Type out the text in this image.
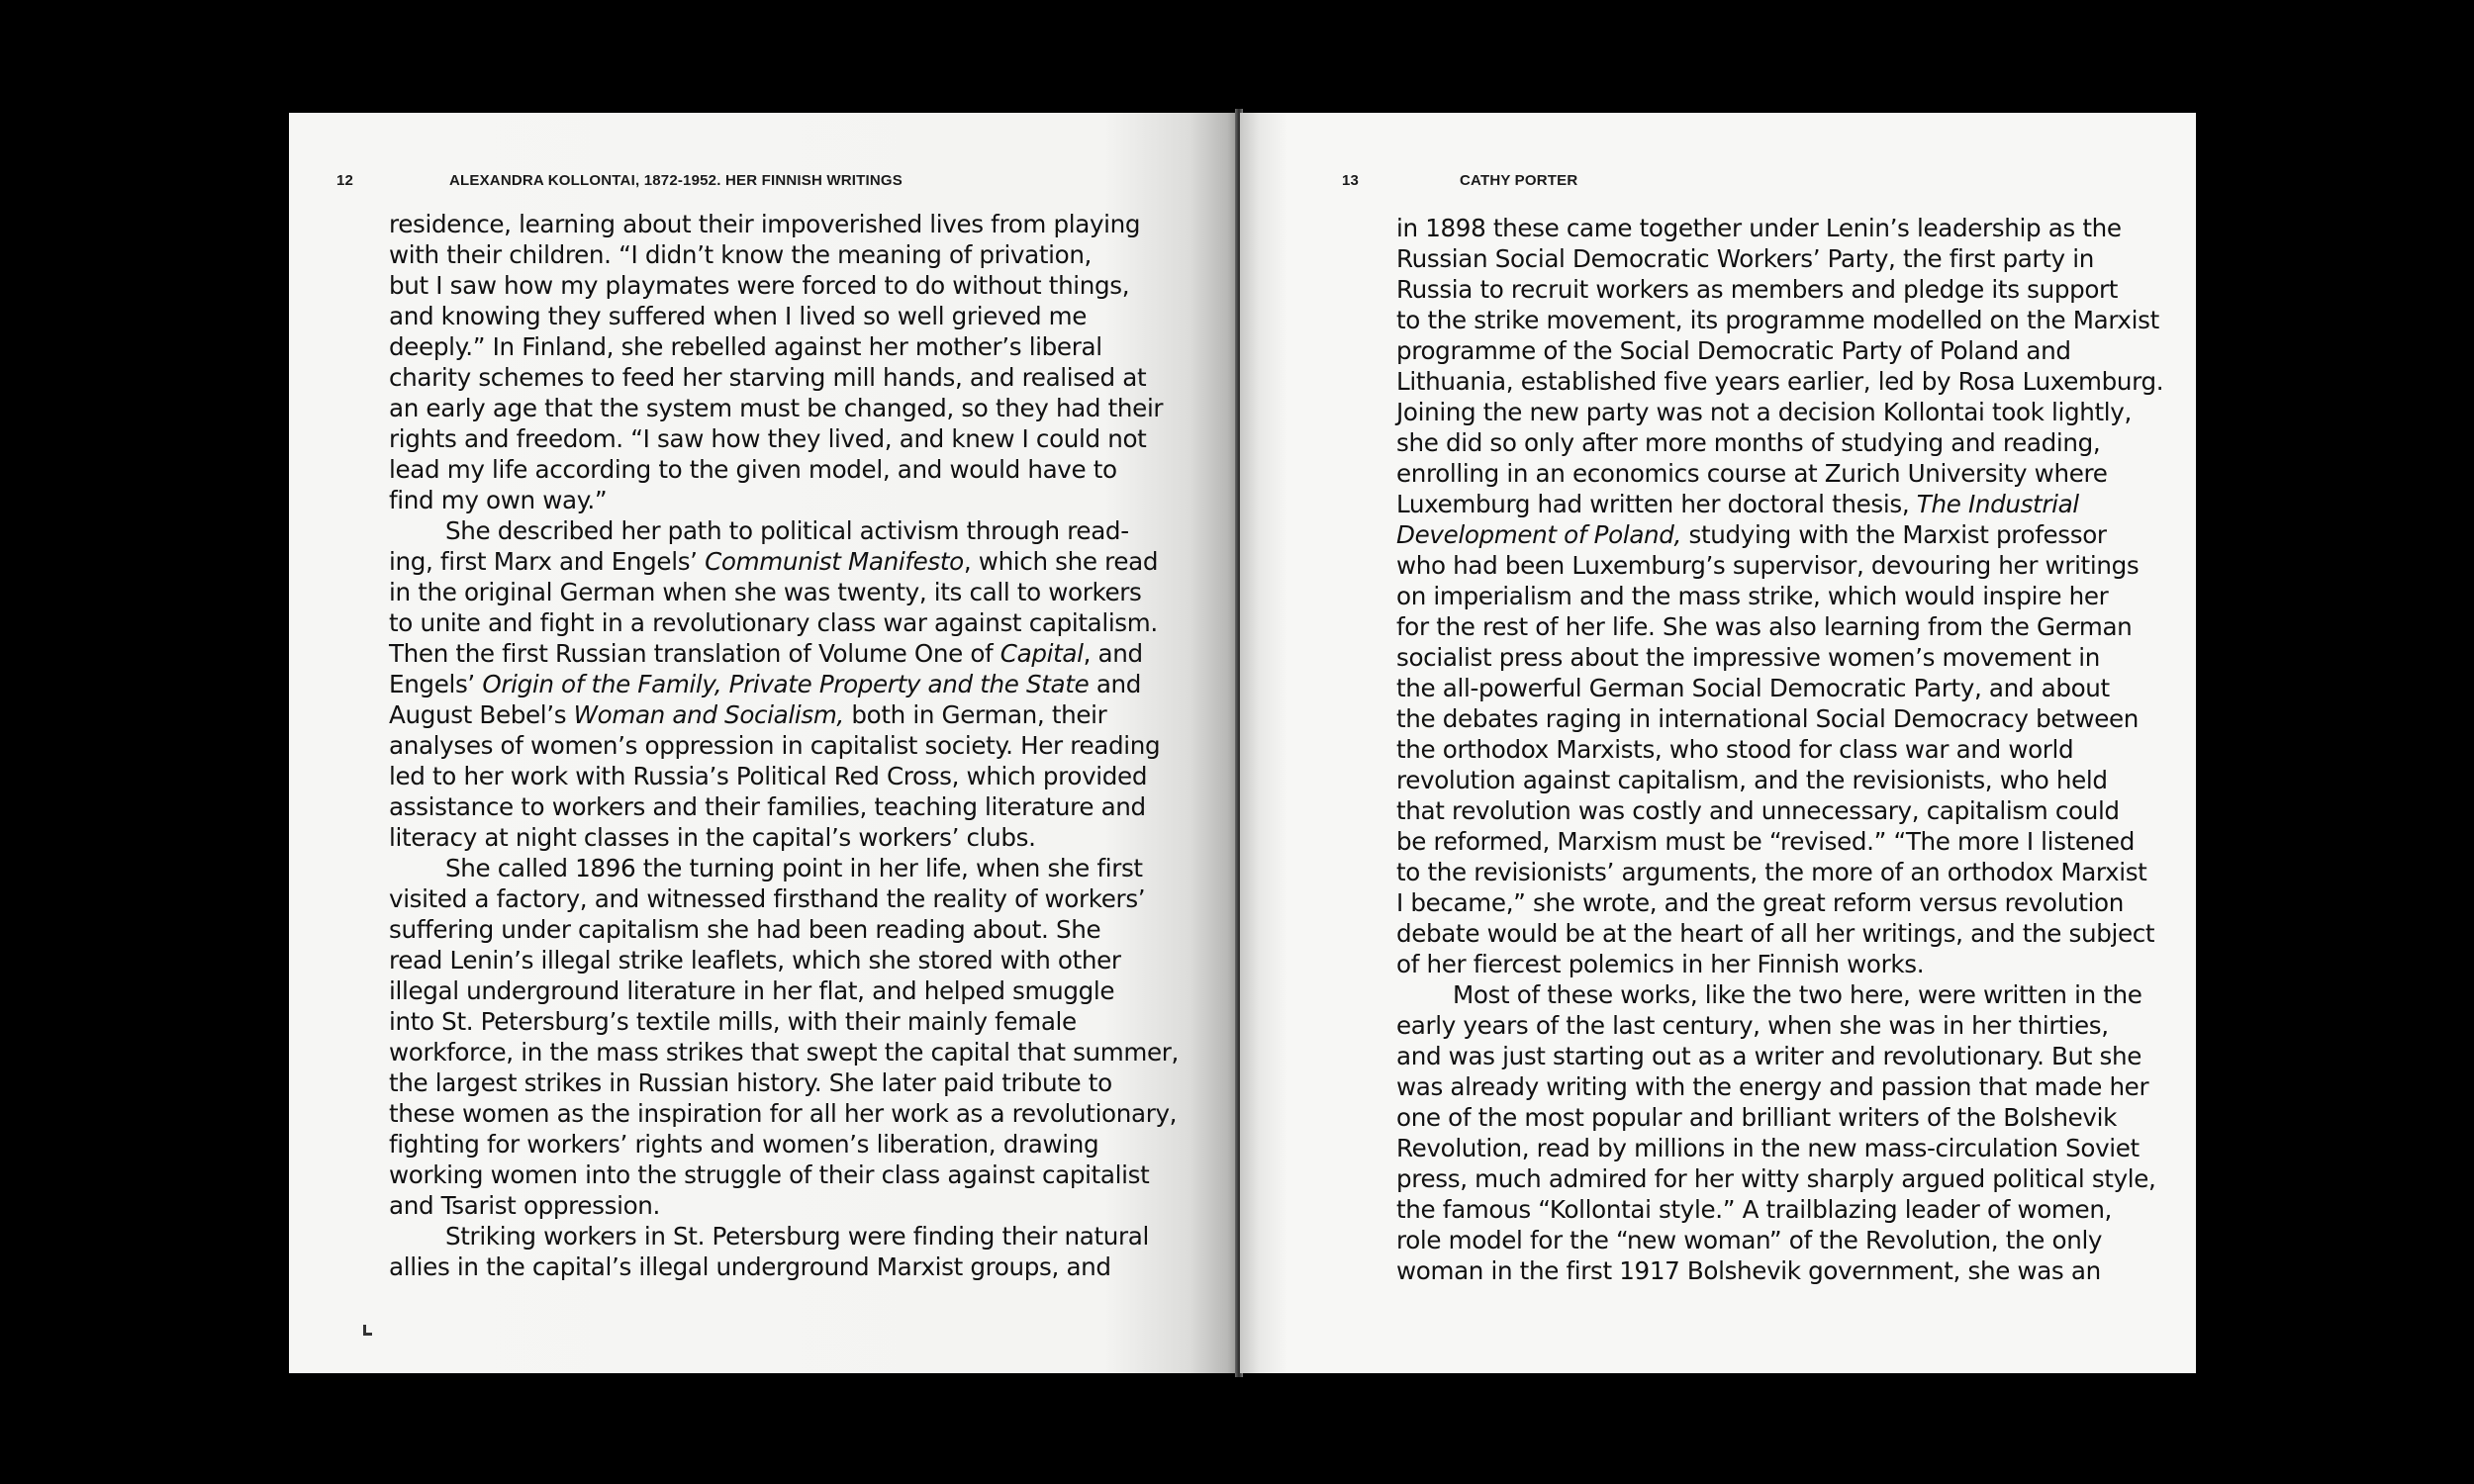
12	ALEXANDRA KOLLONTAI, 1872-1952. HER FINNISH WRITINGS
residence, learning about their impoverished lives from playing
with their children. “I didn’t know the meaning of privation,
but I saw how my playmates were forced to do without things,
and knowing they suffered when I lived so well grieved me
deeply.” In Finland, she rebelled against her mother’s liberal
charity schemes to feed her starving mill hands, and realised at
an early age that the system must be changed, so they had their
rights and freedom. “I saw how they lived, and knew I could not
lead my life according to the given model, and would have to
find my own way.”
She described her path to political activism through read-
ing, first Marx and Engels’ Communist Manifesto, which she read
in the original German when she was twenty, its call to workers
to unite and fight in a revolutionary class war against capitalism.
Then the first Russian translation of Volume One of Capital, and
Engels’ Origin of the Family, Private Property and the State and
August Bebel’s Woman and Socialism, both in German, their
analyses of women’s oppression in capitalist society. Her reading
led to her work with Russia’s Political Red Cross, which provided
assistance to workers and their families, teaching literature and
literacy at night classes in the capital’s workers’ clubs.
She called 1896 the turning point in her life, when she first
visited a factory, and witnessed firsthand the reality of workers’
suffering under capitalism she had been reading about. She
read Lenin’s illegal strike leaflets, which she stored with other
illegal underground literature in her flat, and helped smuggle
into St. Petersburg’s textile mills, with their mainly female
workforce, in the mass strikes that swept the capital that summer,
the largest strikes in Russian history. She later paid tribute to
these women as the inspiration for all her work as a revolutionary,
fighting for workers’ rights and women’s liberation, drawing
working women into the struggle of their class against capitalist
and Tsarist oppression.
Striking workers in St. Petersburg were finding their natural
allies in the capital’s illegal underground Marxist groups, and
13	CATHY PORTER
in 1898 these came together under Lenin’s leadership as the
Russian Social Democratic Workers’ Party, the first party in
Russia to recruit workers as members and pledge its support
to the strike movement, its programme modelled on the Marxist
programme of the Social Democratic Party of Poland and
Lithuania, established five years earlier, led by Rosa Luxemburg.
Joining the new party was not a decision Kollontai took lightly,
she did so only after more months of studying and reading,
enrolling in an economics course at Zurich University where
Luxemburg had written her doctoral thesis, The Industrial
Development of Poland, studying with the Marxist professor
who had been Luxemburg’s supervisor, devouring her writings
on imperialism and the mass strike, which would inspire her
for the rest of her life. She was also learning from the German
socialist press about the impressive women’s movement in
the all-powerful German Social Democratic Party, and about
the debates raging in international Social Democracy between
the orthodox Marxists, who stood for class war and world
revolution against capitalism, and the revisionists, who held
that revolution was costly and unnecessary, capitalism could
be reformed, Marxism must be “revised.” “The more I listened
to the revisionists’ arguments, the more of an orthodox Marxist
I became,” she wrote, and the great reform versus revolution
debate would be at the heart of all her writings, and the subject
of her fiercest polemics in her Finnish works.
Most of these works, like the two here, were written in the
early years of the last century, when she was in her thirties,
and was just starting out as a writer and revolutionary. But she
was already writing with the energy and passion that made her
one of the most popular and brilliant writers of the Bolshevik
Revolution, read by millions in the new mass-circulation Soviet
press, much admired for her witty sharply argued political style,
the famous “Kollontai style.” A trailblazing leader of women,
role model for the “new woman” of the Revolution, the only
woman in the first 1917 Bolshevik government, she was an
